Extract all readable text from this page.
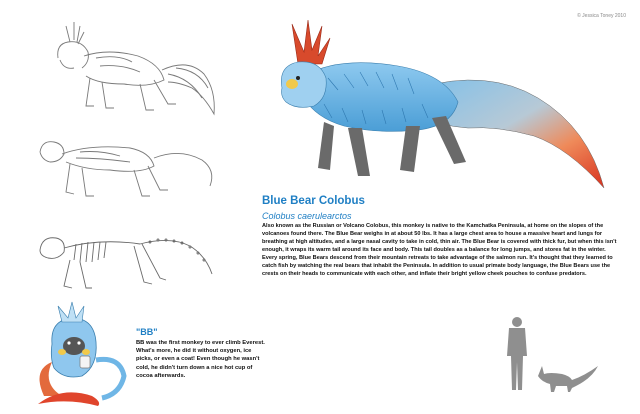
© Jessica Toney 2010
Blue Bear Colobus
Colobus caerulearctos

Also known as the Russian or Volcano Colobus, this monkey is native to the Kamchatka Peninsula, at home on the slopes of the volcanoes found there. The Blue Bear weighs in at about 50 lbs. It has a large chest area to house a massive heart and lungs for breathing at high altitudes, and a large nasal cavity to take in cold, thin air. The Blue Bear is covered with thick fur, but when this isn't enough, it wraps its warm tail around its face and body. This tail doubles as a balance for long jumps, and stores fat in the winter. Every spring, Blue Bears descend from their mountain retreats to take advantage of the salmon run. It's thought that they learned to catch fish by watching the real bears that inhabit the Peninsula. In addition to usual primate body language, the Blue Bears use the crests on their heads to communicate with each other, and inflate their bright yellow cheek pouches to confuse predators.

"BB"

BB was the first monkey to ever climb Everest. What's more, he did it without oxygen, ice picks, or even a coat! Even though he wasn't cold, he didn't turn down a nice hot cup of cocoa afterwards.
